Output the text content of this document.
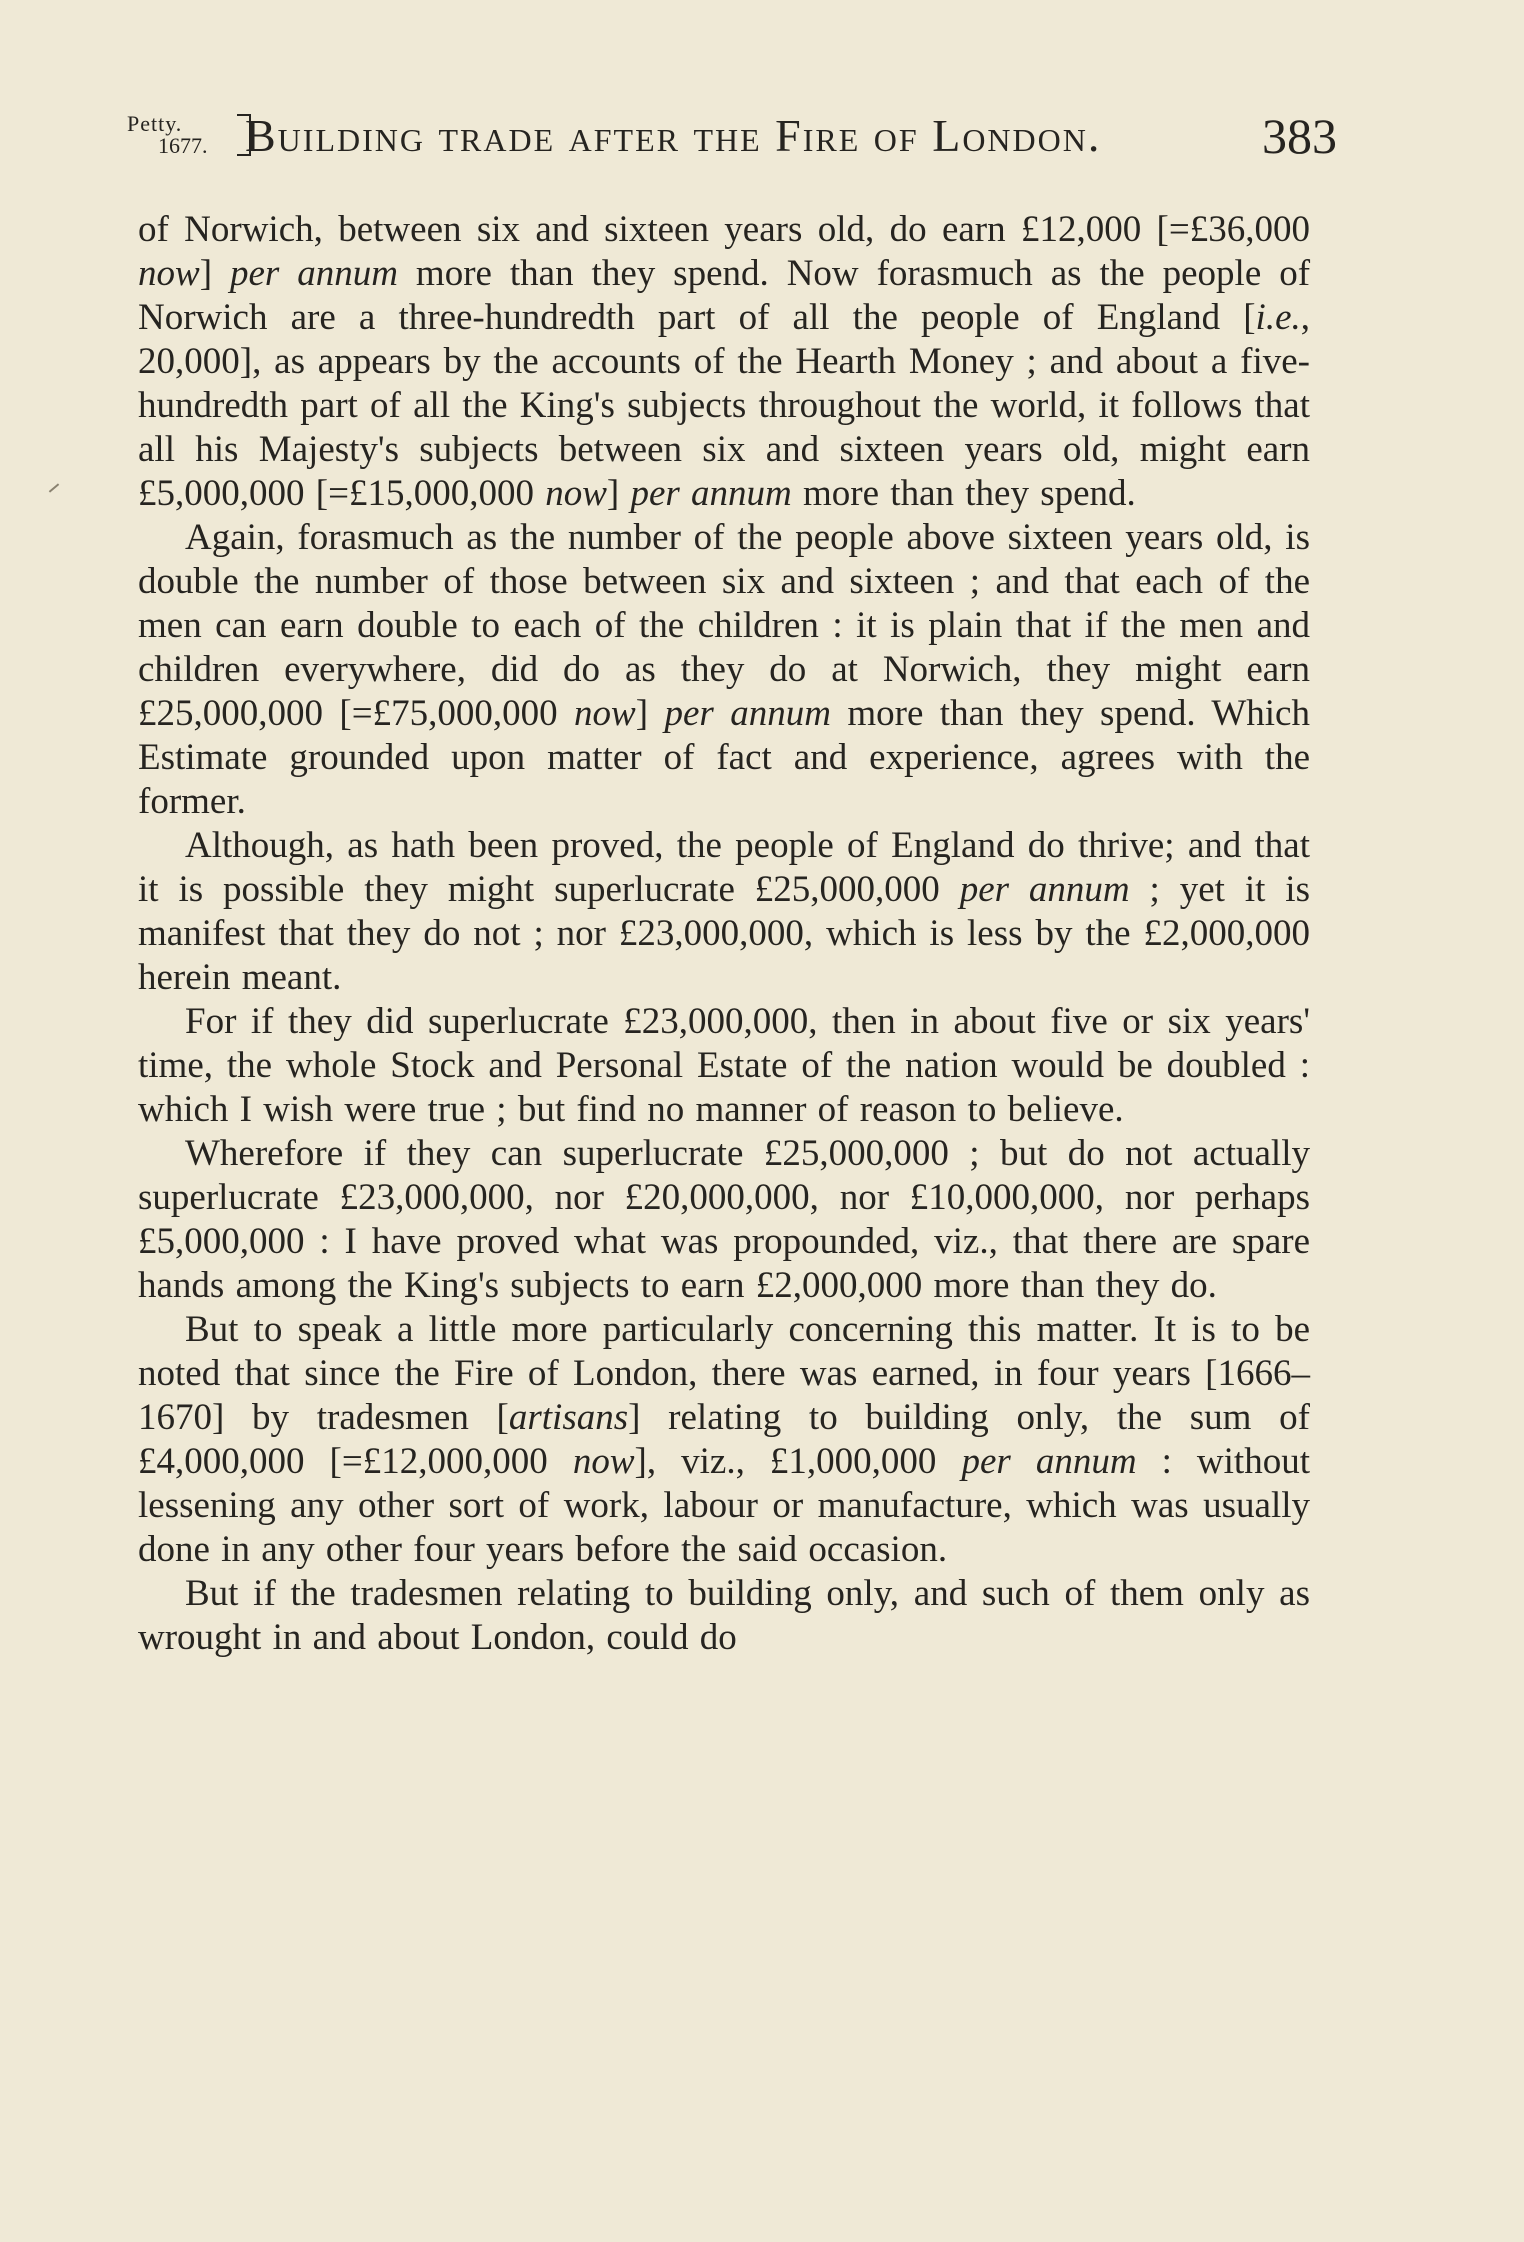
Petty.
1677. Building trade after the Fire of London.	383

of Norwich, between six and sixteen years old, do earn £12,000 [=£36,000 now] per annum more than they spend. Now forasmuch as the people of Norwich are a three-hundredth part of all the people of England [i.e., 20,000], as appears by the accounts of the Hearth Money ; and about a five-hundredth part of all the King's subjects throughout the world, it follows that all his Majesty's subjects between six and sixteen years old, might earn £5,000,000 [=£15,000,000 now] per annum more than they spend.

Again, forasmuch as the number of the people above sixteen years old, is double the number of those between six and sixteen ; and that each of the men can earn double to each of the children : it is plain that if the men and children everywhere, did do as they do at Norwich, they might earn £25,000,000 [=£75,000,000 now] per annum more than they spend. Which Estimate grounded upon matter of fact and experience, agrees with the former.

Although, as hath been proved, the people of England do thrive; and that it is possible they might superlucrate £25,000,000 per annum ; yet it is manifest that they do not ; nor £23,000,000, which is less by the £2,000,000 herein meant.

For if they did superlucrate £23,000,000, then in about five or six years' time, the whole Stock and Personal Estate of the nation would be doubled : which I wish were true ; but find no manner of reason to believe.

Wherefore if they can superlucrate £25,000,000 ; but do not actually superlucrate £23,000,000, nor £20,000,000, nor £10,000,000, nor perhaps £5,000,000 : I have proved what was propounded, viz., that there are spare hands among the King's subjects to earn £2,000,000 more than they do.

But to speak a little more particularly concerning this matter. It is to be noted that since the Fire of London, there was earned, in four years [1666–1670] by tradesmen [artisans] relating to building only, the sum of £4,000,000 [=£12,000,000 now], viz., £1,000,000 per annum : without lessening any other sort of work, labour or manufacture, which was usually done in any other four years before the said occasion.

But if the tradesmen relating to building only, and such of them only as wrought in and about London, could do
